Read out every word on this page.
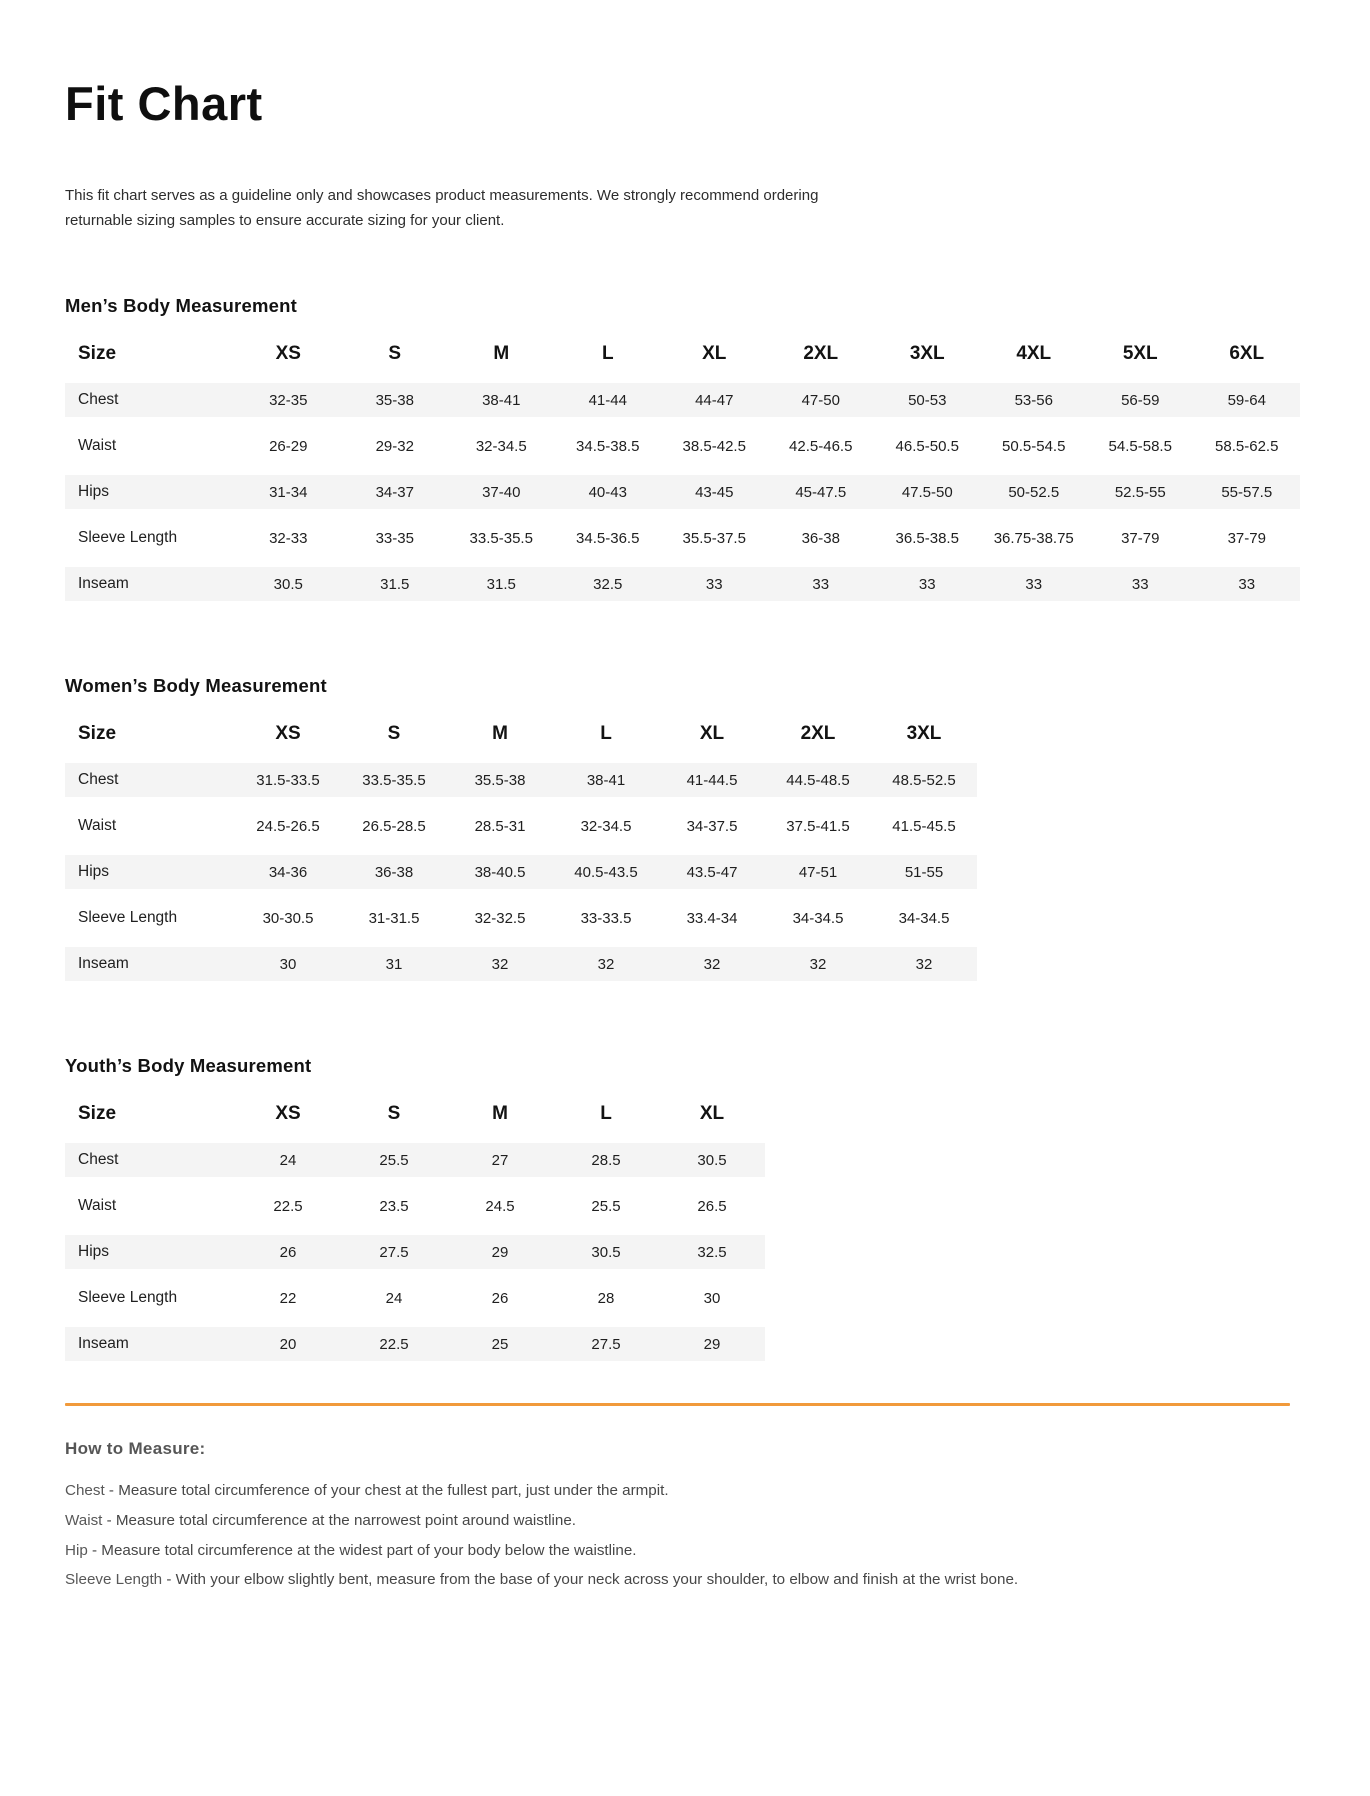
Fit Chart
This fit chart serves as a guideline only and showcases product measurements. We strongly recommend ordering
returnable sizing samples to ensure accurate sizing for your client.
Men’s Body Measurement
Size	XS	S	M	L	XL	2XL	3XL	4XL	5XL	6XL
Chest	32-35	35-38	38-41	41-44	44-47	47-50	50-53	53-56	56-59	59-64
Waist	26-29	29-32	32-34.5	34.5-38.5	38.5-42.5	42.5-46.5	46.5-50.5	50.5-54.5	54.5-58.5	58.5-62.5
Hips	31-34	34-37	37-40	40-43	43-45	45-47.5	47.5-50	50-52.5	52.5-55	55-57.5
Sleeve Length	32-33	33-35	33.5-35.5	34.5-36.5	35.5-37.5	36-38	36.5-38.5	36.75-38.75	37-79	37-79
Inseam	30.5	31.5	31.5	32.5	33	33	33	33	33	33
Women’s Body Measurement
Size	XS	S	M	L	XL	2XL	3XL
Chest	31.5-33.5	33.5-35.5	35.5-38	38-41	41-44.5	44.5-48.5	48.5-52.5
Waist	24.5-26.5	26.5-28.5	28.5-31	32-34.5	34-37.5	37.5-41.5	41.5-45.5
Hips	34-36	36-38	38-40.5	40.5-43.5	43.5-47	47-51	51-55
Sleeve Length	30-30.5	31-31.5	32-32.5	33-33.5	33.4-34	34-34.5	34-34.5
Inseam	30	31	32	32	32	32	32
Youth’s Body Measurement
Size	XS	S	M	L	XL
Chest	24	25.5	27	28.5	30.5
Waist	22.5	23.5	24.5	25.5	26.5
Hips	26	27.5	29	30.5	32.5
Sleeve Length	22	24	26	28	30
Inseam	20	22.5	25	27.5	29
How to Measure:
Chest - Measure total circumference of your chest at the fullest part, just under the armpit.
Waist - Measure total circumference at the narrowest point around waistline.
Hip - Measure total circumference at the widest part of your body below the waistline.
Sleeve Length - With your elbow slightly bent, measure from the base of your neck across your shoulder, to elbow and finish at the wrist bone.
